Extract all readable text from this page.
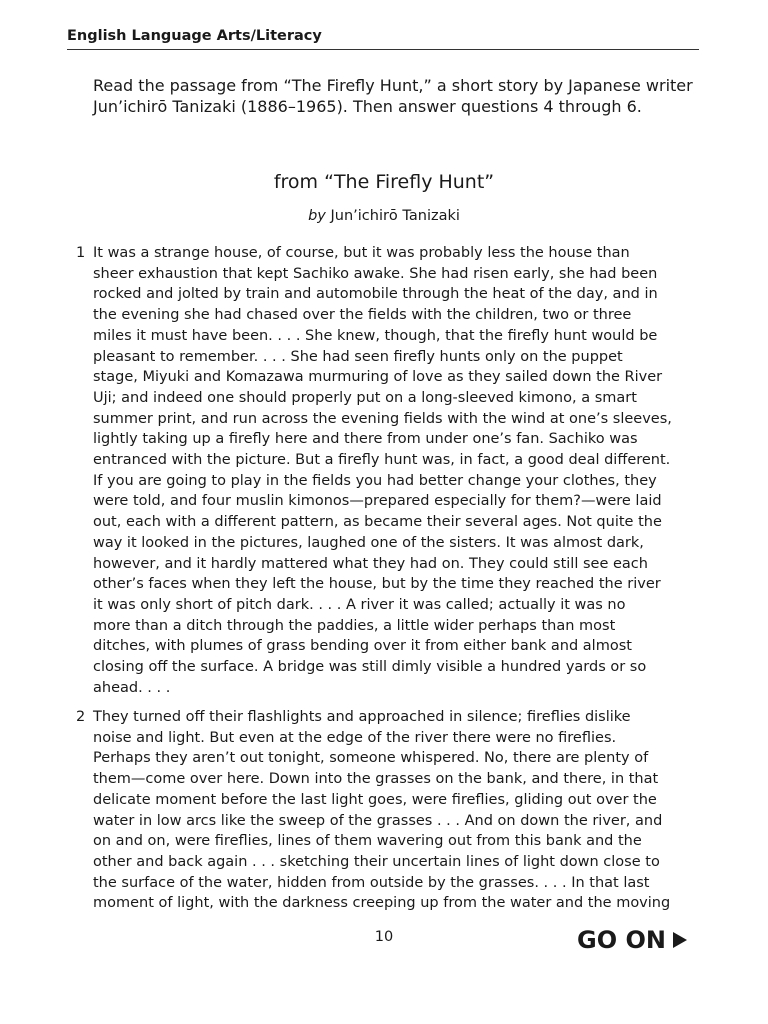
English Language Arts/Literacy
Read the passage from “The Firefly Hunt,” a short story by Japanese writer Jun’ichirō Tanizaki (1886–1965). Then answer questions 4 through 6.
from “The Firefly Hunt”
by Jun’ichirō Tanizaki
1 It was a strange house, of course, but it was probably less the house than
sheer exhaustion that kept Sachiko awake. She had risen early, she had been
rocked and jolted by train and automobile through the heat of the day, and in
the evening she had chased over the fields with the children, two or three
miles it must have been. . . . She knew, though, that the firefly hunt would be
pleasant to remember. . . . She had seen firefly hunts only on the puppet
stage, Miyuki and Komazawa murmuring of love as they sailed down the River
Uji; and indeed one should properly put on a long-sleeved kimono, a smart
summer print, and run across the evening fields with the wind at one’s sleeves,
lightly taking up a firefly here and there from under one’s fan. Sachiko was
entranced with the picture. But a firefly hunt was, in fact, a good deal different.
If you are going to play in the fields you had better change your clothes, they
were told, and four muslin kimonos—prepared especially for them?—were laid
out, each with a different pattern, as became their several ages. Not quite the
way it looked in the pictures, laughed one of the sisters. It was almost dark,
however, and it hardly mattered what they had on. They could still see each
other’s faces when they left the house, but by the time they reached the river
it was only short of pitch dark. . . . A river it was called; actually it was no
more than a ditch through the paddies, a little wider perhaps than most
ditches, with plumes of grass bending over it from either bank and almost
closing off the surface. A bridge was still dimly visible a hundred yards or so
ahead. . . .
2 They turned off their flashlights and approached in silence; fireflies dislike
noise and light. But even at the edge of the river there were no fireflies.
Perhaps they aren’t out tonight, someone whispered. No, there are plenty of
them—come over here. Down into the grasses on the bank, and there, in that
delicate moment before the last light goes, were fireflies, gliding out over the
water in low arcs like the sweep of the grasses . . . And on down the river, and
on and on, were fireflies, lines of them wavering out from this bank and the
other and back again . . . sketching their uncertain lines of light down close to
the surface of the water, hidden from outside by the grasses. . . . In that last
moment of light, with the darkness creeping up from the water and the moving
10	GO ON
